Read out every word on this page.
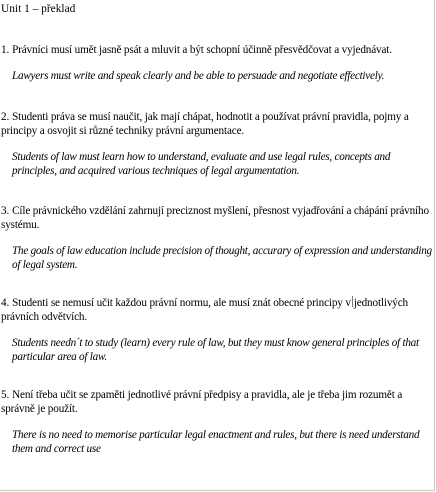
Unit 1 – překlad

1. Právníci musí umět jasně psát a mluvit a být schopní účinně přesvědčovat a vyjednávat.

Lawyers must write and speak clearly and be able to persuade and negotiate effectively.

2. Studenti práva se musí naučit, jak mají chápat, hodnotit a používat právní pravidla, pojmy a principy a osvojit si různé techniky právní argumentace.

Students of law must learn how to understand, evaluate and use legal rules, concepts and principles, and acquired various techniques of legal argumentation.

3. Cíle právnického vzdělání zahrnují preciznost myšlení, přesnost vyjadřování a chápání právního systému.

The goals of law education include precision of thought, accurary of expression and understanding of legal system.

4. Studenti se nemusí učit každou právní normu, ale musí znát obecné principy v jednotlivých právních odvětvích.

Students needn´t to study (learn) every rule of law, but they must know general principles of that particular area of law.

5. Není třeba učit se zpaměti jednotlivé právní předpisy a pravidla, ale je třeba jim rozumět a správně je použít.

There is no need to memorise particular legal enactment and rules, but there is need understand them and correct use
